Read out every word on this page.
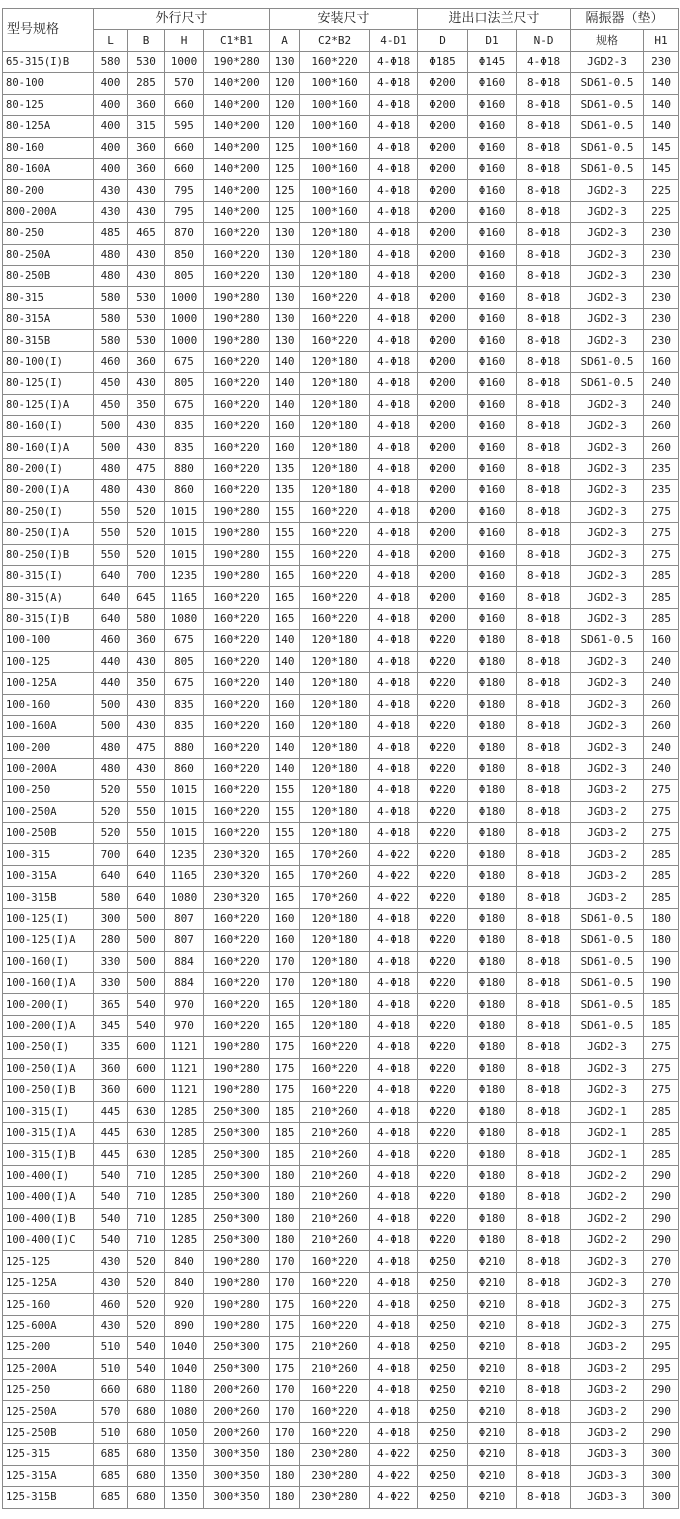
型号规格	外行尺寸				安装尺寸			进出口法兰尺寸			隔振器（垫）	
	L	B	H	C1*B1	A	C2*B2	4-D1	D	D1	N-D	规格	H1
65-315(I)B	580	530	1000	190*280	130	160*220	4-Φ18	Φ185	Φ145	4-Φ18	JGD2-3	230
80-100	400	285	570	140*200	120	100*160	4-Φ18	Φ200	Φ160	8-Φ18	SD61-0.5	140
80-125	400	360	660	140*200	120	100*160	4-Φ18	Φ200	Φ160	8-Φ18	SD61-0.5	140
80-125A	400	315	595	140*200	120	100*160	4-Φ18	Φ200	Φ160	8-Φ18	SD61-0.5	140
80-160	400	360	660	140*200	125	100*160	4-Φ18	Φ200	Φ160	8-Φ18	SD61-0.5	145
80-160A	400	360	660	140*200	125	100*160	4-Φ18	Φ200	Φ160	8-Φ18	SD61-0.5	145
80-200	430	430	795	140*200	125	100*160	4-Φ18	Φ200	Φ160	8-Φ18	JGD2-3	225
800-200A	430	430	795	140*200	125	100*160	4-Φ18	Φ200	Φ160	8-Φ18	JGD2-3	225
80-250	485	465	870	160*220	130	120*180	4-Φ18	Φ200	Φ160	8-Φ18	JGD2-3	230
80-250A	480	430	850	160*220	130	120*180	4-Φ18	Φ200	Φ160	8-Φ18	JGD2-3	230
80-250B	480	430	805	160*220	130	120*180	4-Φ18	Φ200	Φ160	8-Φ18	JGD2-3	230
80-315	580	530	1000	190*280	130	160*220	4-Φ18	Φ200	Φ160	8-Φ18	JGD2-3	230
80-315A	580	530	1000	190*280	130	160*220	4-Φ18	Φ200	Φ160	8-Φ18	JGD2-3	230
80-315B	580	530	1000	190*280	130	160*220	4-Φ18	Φ200	Φ160	8-Φ18	JGD2-3	230
80-100(I)	460	360	675	160*220	140	120*180	4-Φ18	Φ200	Φ160	8-Φ18	SD61-0.5	160
80-125(I)	450	430	805	160*220	140	120*180	4-Φ18	Φ200	Φ160	8-Φ18	SD61-0.5	240
80-125(I)A	450	350	675	160*220	140	120*180	4-Φ18	Φ200	Φ160	8-Φ18	JGD2-3	240
80-160(I)	500	430	835	160*220	160	120*180	4-Φ18	Φ200	Φ160	8-Φ18	JGD2-3	260
80-160(I)A	500	430	835	160*220	160	120*180	4-Φ18	Φ200	Φ160	8-Φ18	JGD2-3	260
80-200(I)	480	475	880	160*220	135	120*180	4-Φ18	Φ200	Φ160	8-Φ18	JGD2-3	235
80-200(I)A	480	430	860	160*220	135	120*180	4-Φ18	Φ200	Φ160	8-Φ18	JGD2-3	235
80-250(I)	550	520	1015	190*280	155	160*220	4-Φ18	Φ200	Φ160	8-Φ18	JGD2-3	275
80-250(I)A	550	520	1015	190*280	155	160*220	4-Φ18	Φ200	Φ160	8-Φ18	JGD2-3	275
80-250(I)B	550	520	1015	190*280	155	160*220	4-Φ18	Φ200	Φ160	8-Φ18	JGD2-3	275
80-315(I)	640	700	1235	190*280	165	160*220	4-Φ18	Φ200	Φ160	8-Φ18	JGD2-3	285
80-315(A)	640	645	1165	160*220	165	160*220	4-Φ18	Φ200	Φ160	8-Φ18	JGD2-3	285
80-315(I)B	640	580	1080	160*220	165	160*220	4-Φ18	Φ200	Φ160	8-Φ18	JGD2-3	285
100-100	460	360	675	160*220	140	120*180	4-Φ18	Φ220	Φ180	8-Φ18	SD61-0.5	160
100-125	440	430	805	160*220	140	120*180	4-Φ18	Φ220	Φ180	8-Φ18	JGD2-3	240
100-125A	440	350	675	160*220	140	120*180	4-Φ18	Φ220	Φ180	8-Φ18	JGD2-3	240
100-160	500	430	835	160*220	160	120*180	4-Φ18	Φ220	Φ180	8-Φ18	JGD2-3	260
100-160A	500	430	835	160*220	160	120*180	4-Φ18	Φ220	Φ180	8-Φ18	JGD2-3	260
100-200	480	475	880	160*220	140	120*180	4-Φ18	Φ220	Φ180	8-Φ18	JGD2-3	240
100-200A	480	430	860	160*220	140	120*180	4-Φ18	Φ220	Φ180	8-Φ18	JGD2-3	240
100-250	520	550	1015	160*220	155	120*180	4-Φ18	Φ220	Φ180	8-Φ18	JGD3-2	275
100-250A	520	550	1015	160*220	155	120*180	4-Φ18	Φ220	Φ180	8-Φ18	JGD3-2	275
100-250B	520	550	1015	160*220	155	120*180	4-Φ18	Φ220	Φ180	8-Φ18	JGD3-2	275
100-315	700	640	1235	230*320	165	170*260	4-Φ22	Φ220	Φ180	8-Φ18	JGD3-2	285
100-315A	640	640	1165	230*320	165	170*260	4-Φ22	Φ220	Φ180	8-Φ18	JGD3-2	285
100-315B	580	640	1080	230*320	165	170*260	4-Φ22	Φ220	Φ180	8-Φ18	JGD3-2	285
100-125(I)	300	500	807	160*220	160	120*180	4-Φ18	Φ220	Φ180	8-Φ18	SD61-0.5	180
100-125(I)A	280	500	807	160*220	160	120*180	4-Φ18	Φ220	Φ180	8-Φ18	SD61-0.5	180
100-160(I)	330	500	884	160*220	170	120*180	4-Φ18	Φ220	Φ180	8-Φ18	SD61-0.5	190
100-160(I)A	330	500	884	160*220	170	120*180	4-Φ18	Φ220	Φ180	8-Φ18	SD61-0.5	190
100-200(I)	365	540	970	160*220	165	120*180	4-Φ18	Φ220	Φ180	8-Φ18	SD61-0.5	185
100-200(I)A	345	540	970	160*220	165	120*180	4-Φ18	Φ220	Φ180	8-Φ18	SD61-0.5	185
100-250(I)	335	600	1121	190*280	175	160*220	4-Φ18	Φ220	Φ180	8-Φ18	JGD2-3	275
100-250(I)A	360	600	1121	190*280	175	160*220	4-Φ18	Φ220	Φ180	8-Φ18	JGD2-3	275
100-250(I)B	360	600	1121	190*280	175	160*220	4-Φ18	Φ220	Φ180	8-Φ18	JGD2-3	275
100-315(I)	445	630	1285	250*300	185	210*260	4-Φ18	Φ220	Φ180	8-Φ18	JGD2-1	285
100-315(I)A	445	630	1285	250*300	185	210*260	4-Φ18	Φ220	Φ180	8-Φ18	JGD2-1	285
100-315(I)B	445	630	1285	250*300	185	210*260	4-Φ18	Φ220	Φ180	8-Φ18	JGD2-1	285
100-400(I)	540	710	1285	250*300	180	210*260	4-Φ18	Φ220	Φ180	8-Φ18	JGD2-2	290
100-400(I)A	540	710	1285	250*300	180	210*260	4-Φ18	Φ220	Φ180	8-Φ18	JGD2-2	290
100-400(I)B	540	710	1285	250*300	180	210*260	4-Φ18	Φ220	Φ180	8-Φ18	JGD2-2	290
100-400(I)C	540	710	1285	250*300	180	210*260	4-Φ18	Φ220	Φ180	8-Φ18	JGD2-2	290
125-125	430	520	840	190*280	170	160*220	4-Φ18	Φ250	Φ210	8-Φ18	JGD2-3	270
125-125A	430	520	840	190*280	170	160*220	4-Φ18	Φ250	Φ210	8-Φ18	JGD2-3	270
125-160	460	520	920	190*280	175	160*220	4-Φ18	Φ250	Φ210	8-Φ18	JGD2-3	275
125-600A	430	520	890	190*280	175	160*220	4-Φ18	Φ250	Φ210	8-Φ18	JGD2-3	275
125-200	510	540	1040	250*300	175	210*260	4-Φ18	Φ250	Φ210	8-Φ18	JGD3-2	295
125-200A	510	540	1040	250*300	175	210*260	4-Φ18	Φ250	Φ210	8-Φ18	JGD3-2	295
125-250	660	680	1180	200*260	170	160*220	4-Φ18	Φ250	Φ210	8-Φ18	JGD3-2	290
125-250A	570	680	1080	200*260	170	160*220	4-Φ18	Φ250	Φ210	8-Φ18	JGD3-2	290
125-250B	510	680	1050	200*260	170	160*220	4-Φ18	Φ250	Φ210	8-Φ18	JGD3-2	290
125-315	685	680	1350	300*350	180	230*280	4-Φ22	Φ250	Φ210	8-Φ18	JGD3-3	300
125-315A	685	680	1350	300*350	180	230*280	4-Φ22	Φ250	Φ210	8-Φ18	JGD3-3	300
125-315B	685	680	1350	300*350	180	230*280	4-Φ22	Φ250	Φ210	8-Φ18	JGD3-3	300
